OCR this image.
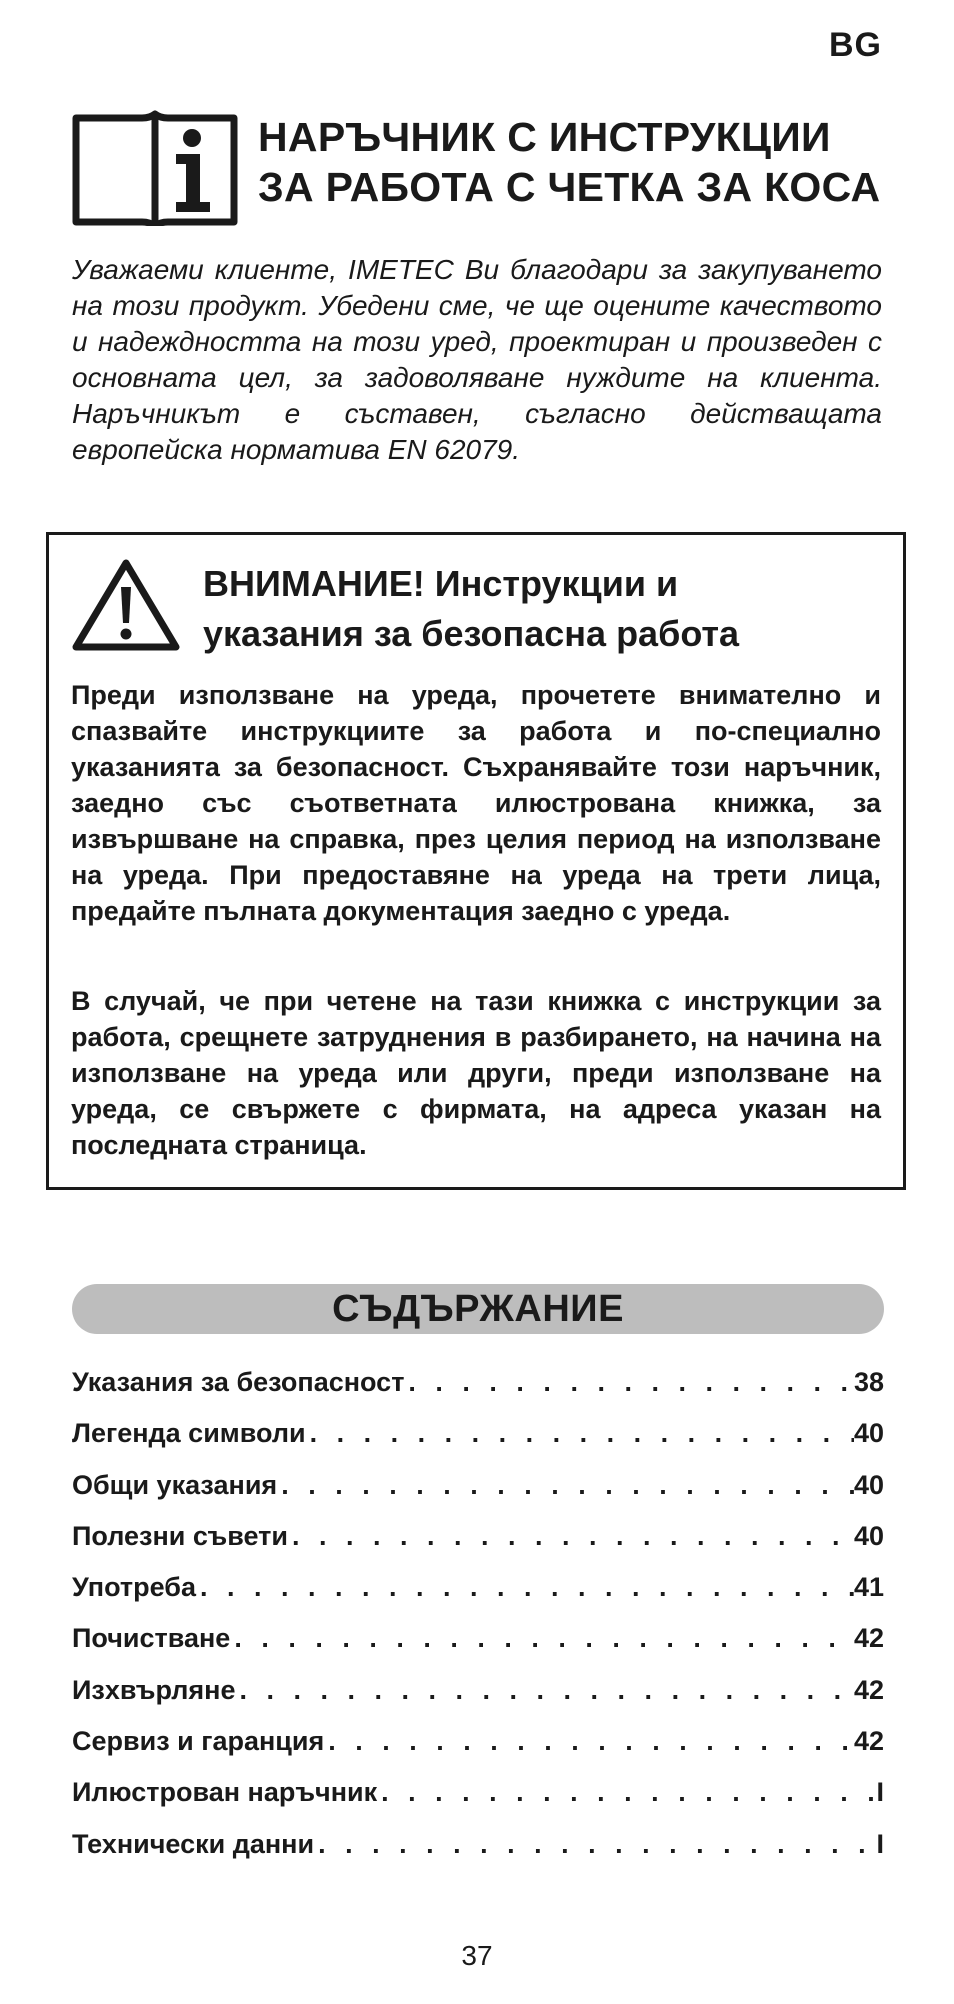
BG
НАРЪЧНИК С ИНСТРУКЦИИ
ЗА РАБОТА С ЧЕТКА ЗА КОСА
Уважаеми клиенте, IMETEC Ви благодари за закупуването на този продукт. Убедени сме, че ще оцените качеството и надеждността на този уред, проектиран и произведен с основната цел, за задоволяване нуждите на клиента. Наръчникът е съставен, съгласно действащата европейска норматива EN 62079.
ВНИМАНИЕ! Инструкции и
указания за безопасна работа
Преди използване на уреда, прочетете внимателно и спазвайте инструкциите за работа и по-специално указанията за безопасност. Съхранявайте този наръчник, заедно със съответната илюстрована книжка, за извършване на справка, през целия период на използване на уреда. При предоставяне на уреда на трети лица, предайте пълната документация заедно с уреда.
В случай, че при четене на тази книжка с инструкции за работа, срещнете затруднения в разбирането, на начина на използване на уреда или други, преди използване на уреда, се свържете с фирмата, на адреса указан на последната страница.
СЪДЪРЖАНИЕ
Указания за безопасност . . .	38
Легенда символи . . .	40
Общи указания . . .	40
Полезни съвети . . .	40
Употреба . . .	41
Почистване . . .	42
Изхвърляне . . .	42
Сервиз и гаранция . . .	42
Илюстрован наръчник . . .	I
Технически данни . . .	I
37
